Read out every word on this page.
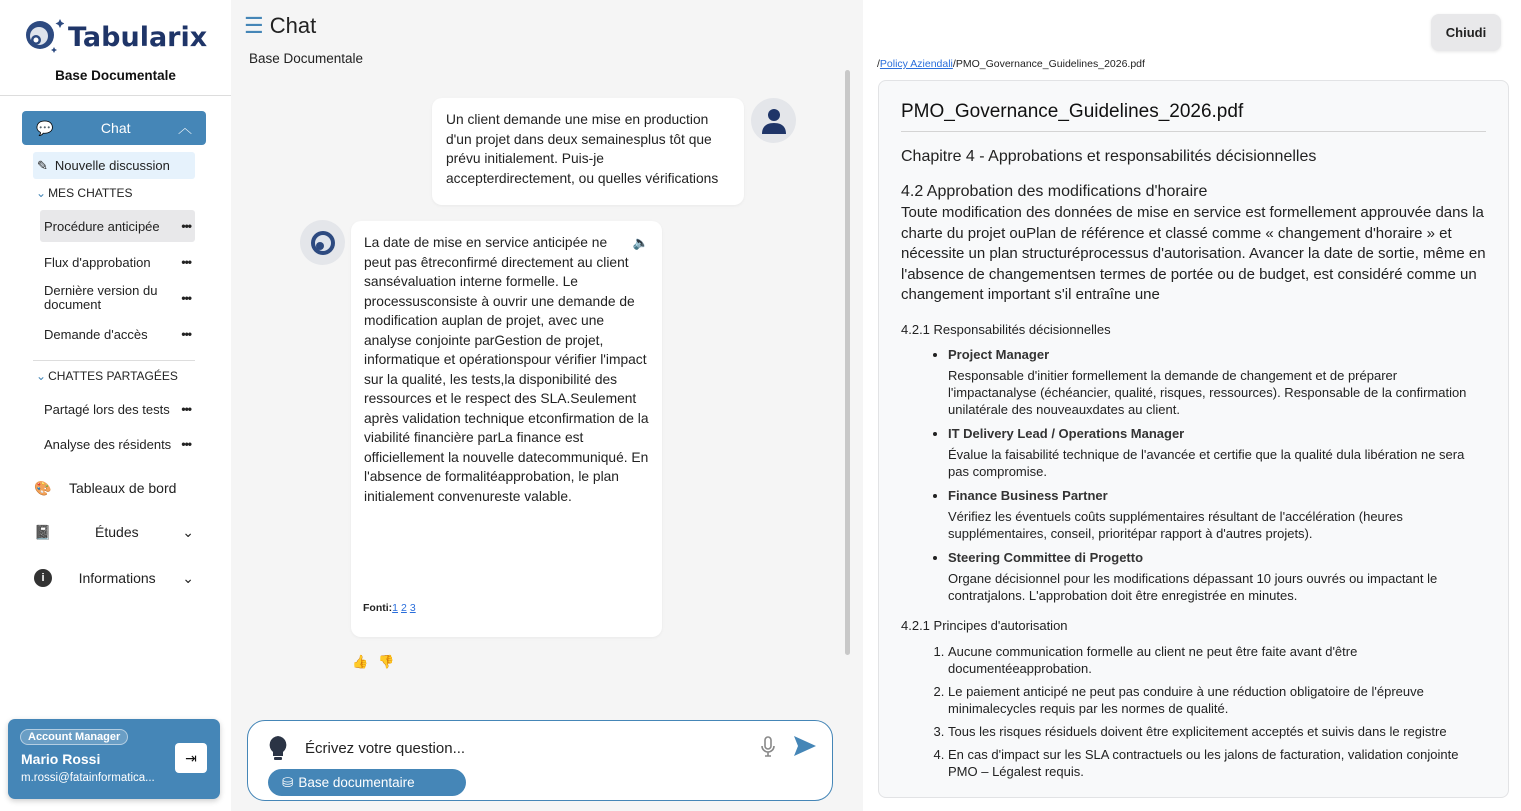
Tabularix
Base Documentale
💬	Chat	︿
✎ Nouvelle discussion
⌄ MES CHATTES
Procédure anticipée •••
Flux d'approbation	•••
Dernière version du document	•••
Demande d'accès	•••
⌄ CHATTES PARTAGÉES
Partagé lors des tests •••
Analyse des résidents •••
🎨	Tableaux de bord
📓	Études	⌄
i	Informations	⌄
Account Manager
Mario Rossi
m.rossi@fatainformatica...
⇥
☰ Chat
Base Documentale
Un client demande une mise en production d'un projet dans deux semainesplus tôt que prévu initialement. Puis-je accepterdirectement, ou quelles vérifications
🔈
La date de mise en service anticipée ne peut pas êtreconfirmé directement au client sansévaluation interne formelle. Le processusconsiste à ouvrir une demande de modification auplan de projet, avec une analyse conjointe parGestion de projet, informatique et opérationspour vérifier l'impact sur la qualité, les tests,la disponibilité des ressources et le respect des SLA.Seulement après validation technique etconfirmation de la viabilité financière parLa finance est officiellement la nouvelle datecommuniqué. En l'absence de formalitéapprobation, le plan initialement convenureste valable.
Fonti:1 2 3
👍 👎
Écrivez votre question...
⛁ Base documentaire
Chiudi
/Policy Aziendali/PMO_Governance_Guidelines_2026.pdf
PMO_Governance_Guidelines_2026.pdf
Chapitre 4 - Approbations et responsabilités décisionnelles
4.2 Approbation des modifications d'horaire
Toute modification des données de mise en service est formellement approuvée dans la charte du projet ouPlan de référence et classé comme « changement d'horaire » et nécessite un plan structuréprocessus d'autorisation. Avancer la date de sortie, même en l'absence de changementsen termes de portée ou de budget, est considéré comme un changement important s'il entraîne une
4.2.1 Responsabilités décisionnelles
• Project Manager
Responsable d'initier formellement la demande de changement et de préparer l'impactanalyse (échéancier, qualité, risques, ressources). Responsable de la confirmation unilatérale des nouveauxdates au client.
• IT Delivery Lead / Operations Manager
Évalue la faisabilité technique de l'avancée et certifie que la qualité dula libération ne sera pas compromise.
• Finance Business Partner
Vérifiez les éventuels coûts supplémentaires résultant de l'accélération (heures supplémentaires, conseil, prioritépar rapport à d'autres projets).
• Steering Committee di Progetto
Organe décisionnel pour les modifications dépassant 10 jours ouvrés ou impactant le contratjalons. L'approbation doit être enregistrée en minutes.
4.2.1 Principes d'autorisation
1. Aucune communication formelle au client ne peut être faite avant d'être documentéeapprobation.
2. Le paiement anticipé ne peut pas conduire à une réduction obligatoire de l'épreuve minimalecycles requis par les normes de qualité.
3. Tous les risques résiduels doivent être explicitement acceptés et suivis dans le registre
4. En cas d'impact sur les SLA contractuels ou les jalons de facturation, validation conjointe PMO – Légalest requis.
